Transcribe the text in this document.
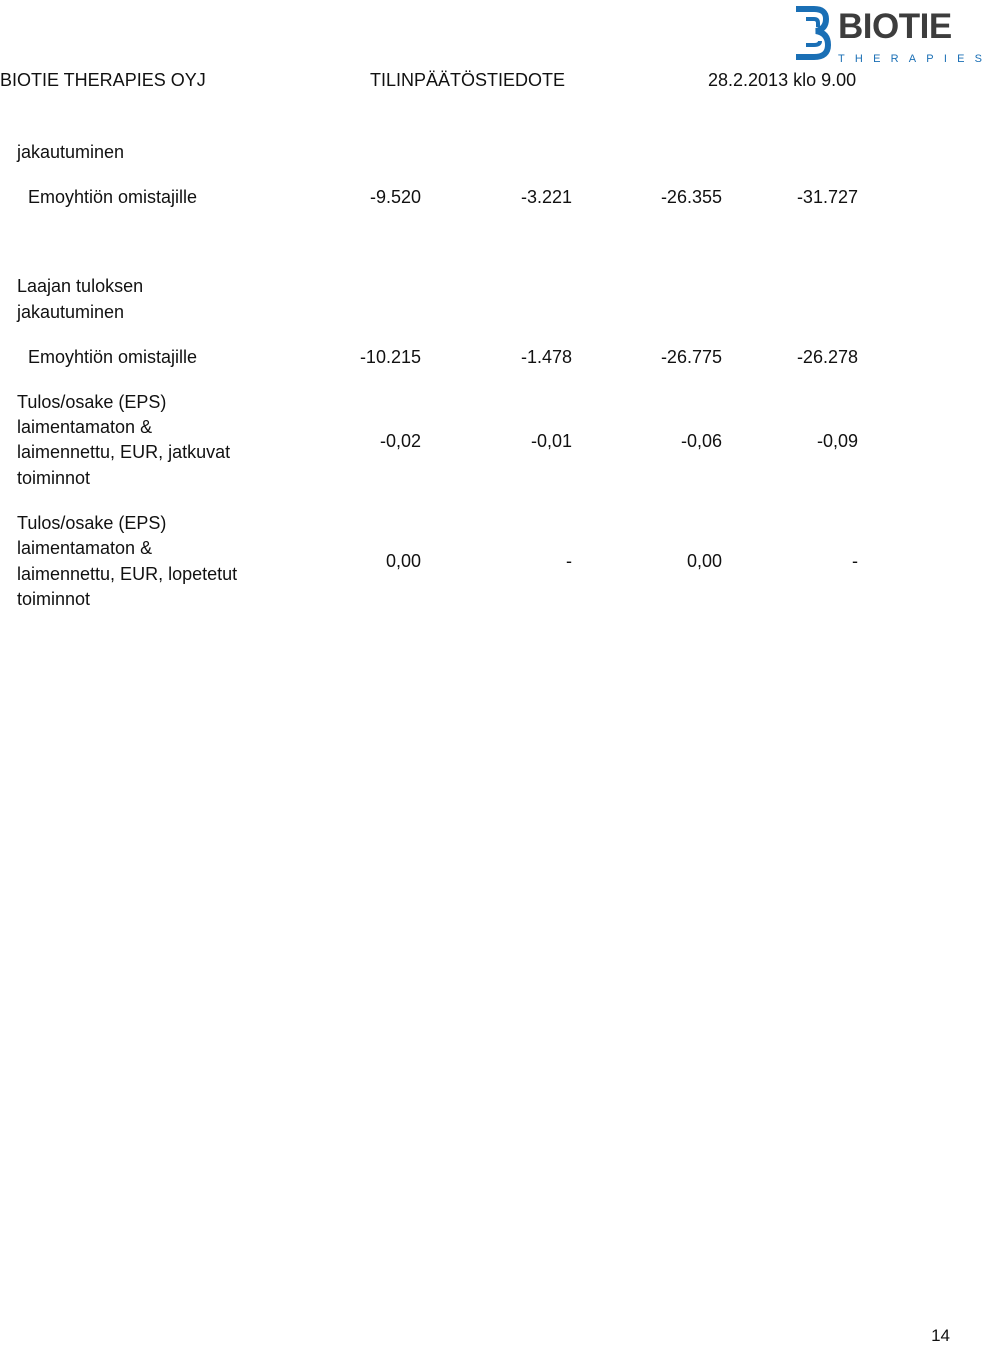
BIOTIE THERAPIES OYJ	TILINPÄÄTÖSTIEDOTE	28.2.2013 klo 9.00
BIOTIE
THERAPIES
jakautuminen
Emoyhtiön omistajille	-9.520	-3.221	-26.355	-31.727
Laajan tuloksen
jakautuminen
Emoyhtiön omistajille	-10.215	-1.478	-26.775	-26.278
Tulos/osake (EPS)
laimentamaton &
laimennettu, EUR, jatkuvat
toiminnot
-0,02	-0,01	-0,06	-0,09
Tulos/osake (EPS)
laimentamaton &
laimennettu, EUR, lopetetut
toiminnot
0,00	-	0,00	-
14
